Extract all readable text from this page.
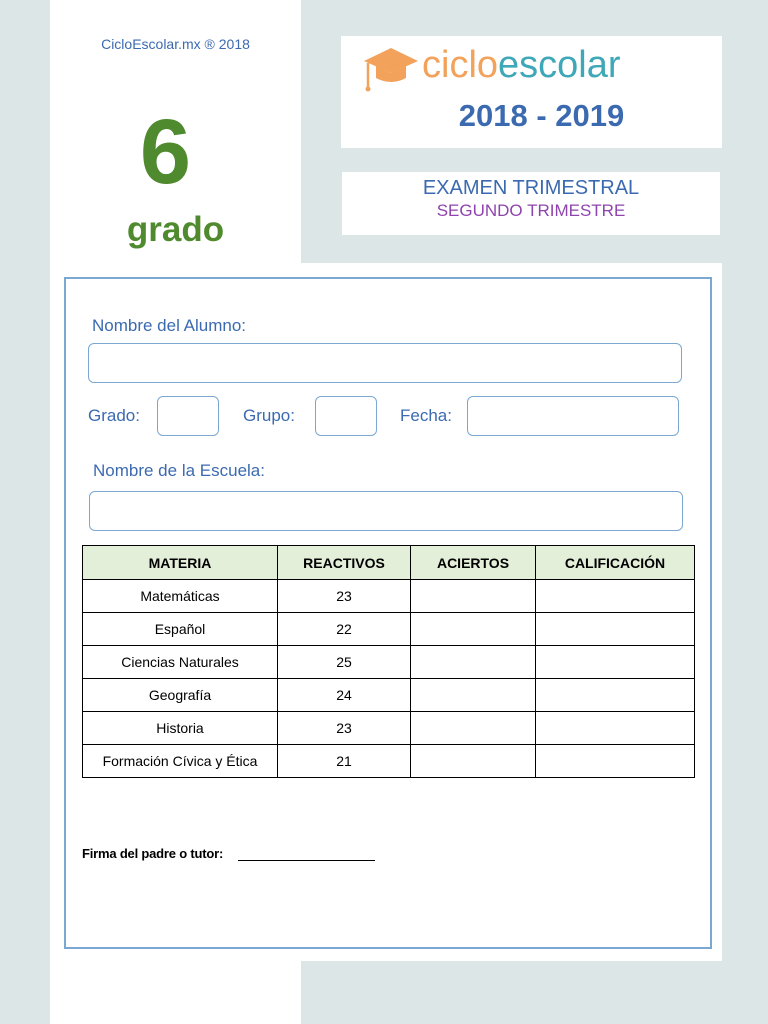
CicloEscolar.mx ® 2018
6
grado
cicloescolar
2018 - 2019
EXAMEN TRIMESTRAL
SEGUNDO TRIMESTRE
Nombre del Alumno:
Grado:	Grupo:	Fecha:
Nombre de la Escuela:
MATERIA	REACTIVOS	ACIERTOS	CALIFICACIÓN
Matemáticas	23		
Español	22		
Ciencias Naturales	25		
Geografía	24		
Historia	23		
Formación Cívica y Ética	21		
Firma del padre o tutor:
